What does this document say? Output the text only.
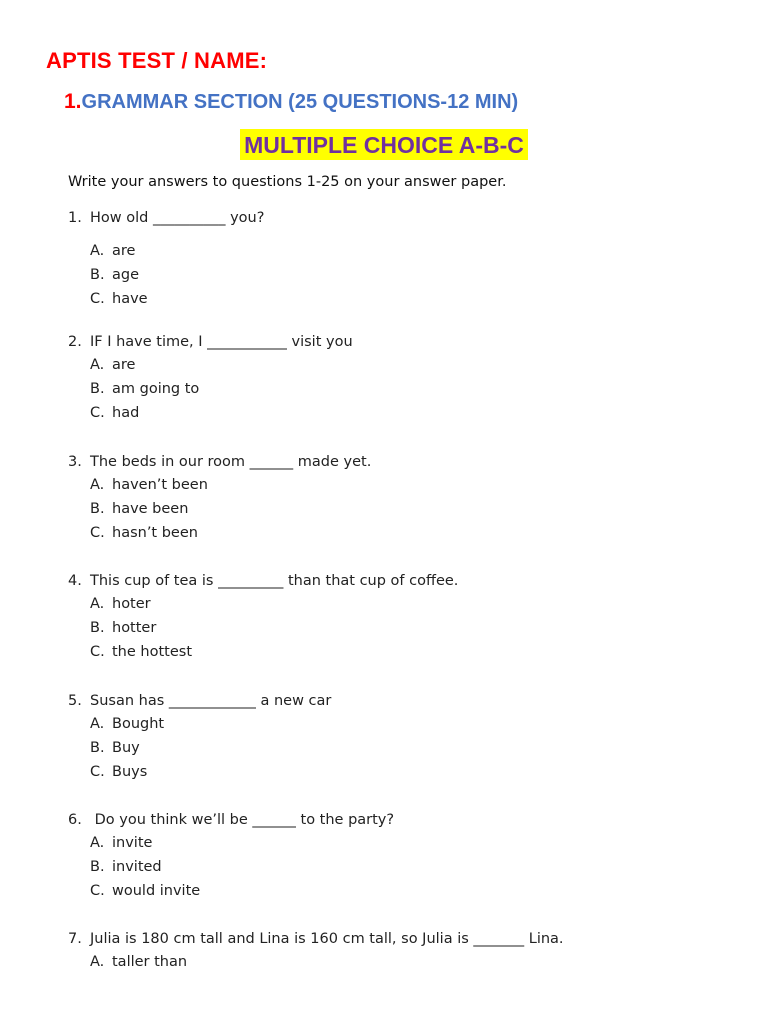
APTIS TEST / NAME:
1.GRAMMAR SECTION (25 QUESTIONS-12 MIN)
MULTIPLE CHOICE A-B-C
Write your answers to questions 1-25 on your answer paper.
1. How old __________ you?
A. are
B. age
C. have
2. IF I have time, I ___________ visit you
A. are
B. am going to
C. had
3. The beds in our room ______ made yet.
A. haven’t been
B. have been
C. hasn’t been
4. This cup of tea is _________ than that cup of coffee.
A. hoter
B. hotter
C. the hottest
5. Susan has ____________ a new car
A. Bought
B. Buy
C. Buys
6. Do you think we’ll be ______ to the party?
A. invite
B. invited
C. would invite
7. Julia is 180 cm tall and Lina is 160 cm tall, so Julia is _______ Lina.
A. taller than
